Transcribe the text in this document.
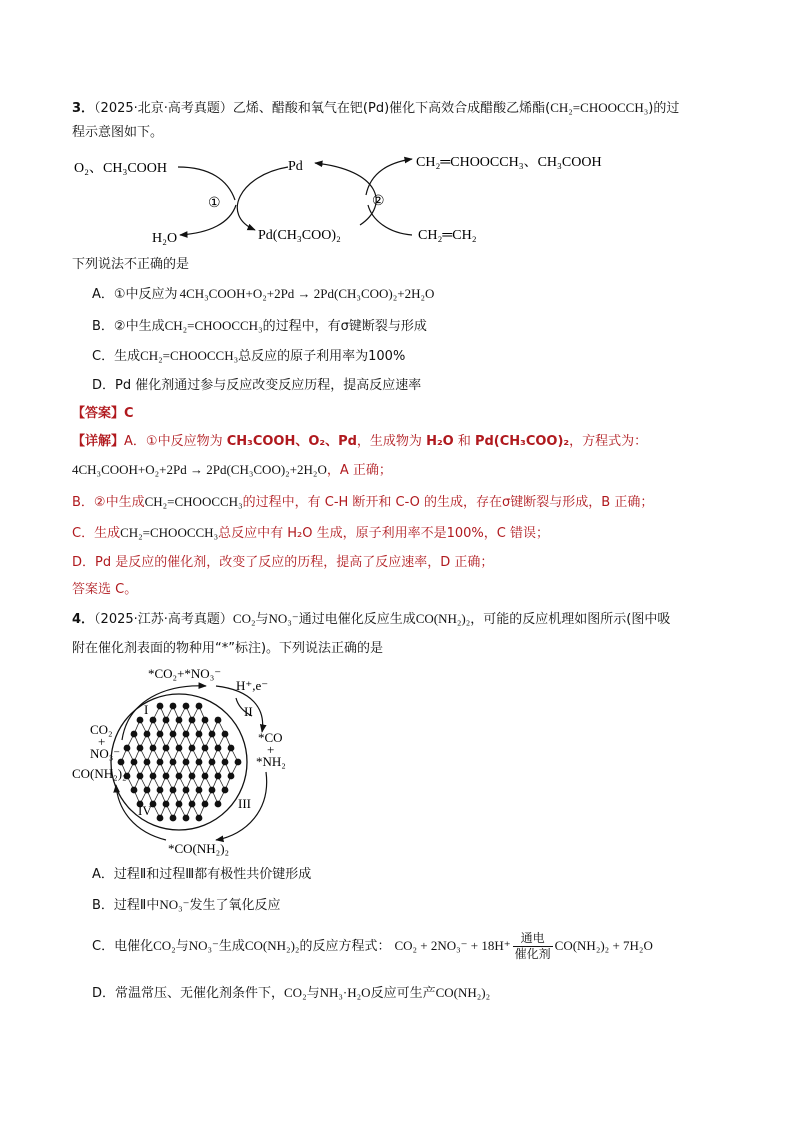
3．（2025·北京·高考真题）乙烯、醋酸和氧气在钯(Pd)催化下高效合成醋酸乙烯酯(CH₂=CHOOCCH₃)的过
程示意图如下。
O₂、CH₃COOH	Pd	CH₂═CHOOCCH₃、CH₃COOH
①	②
H₂O	Pd(CH₃COO)₂	CH₂═CH₂
下列说法不正确的是
A．①中反应为 4CH₃COOH+O₂+2Pd → 2Pd(CH₃COO)₂+2H₂O
B．②中生成CH₂=CHOOCCH₃的过程中，有σ键断裂与形成
C．生成CH₂=CHOOCCH₃总反应的原子利用率为100%
D．Pd 催化剂通过参与反应改变反应历程，提高反应速率
【答案】C
【详解】A．①中反应物为 CH₃COOH、O₂、Pd，生成物为 H₂O 和 Pd(CH₃COO)₂，方程式为：
4CH₃COOH+O₂+2Pd → 2Pd(CH₃COO)₂+2H₂O，A 正确；
B．②中生成CH₂=CHOOCCH₃的过程中，有 C-H 断开和 C-O 的生成，存在σ键断裂与形成，B 正确；
C．生成CH₂=CHOOCCH₃总反应中有 H₂O 生成，原子利用率不是100%，C 错误；
D．Pd 是反应的催化剂，改变了反应的历程，提高了反应速率，D 正确；
答案选 C。
4．（2025·江苏·高考真题）CO₂与NO₃⁻通过电催化反应生成CO(NH₂)₂，可能的反应机理如图所示(图中吸
附在催化剂表面的物种用“*”标注)。下列说法正确的是
*CO₂+*NO₃⁻
H⁺,e⁻
I	II
III
IV
CO₂
+
NO₃⁻
CO(NH₂)₂
*CO
+
*NH₂
*CO(NH₂)₂
A．过程Ⅱ和过程Ⅲ都有极性共价键形成
B．过程Ⅱ中NO₃⁻发生了氧化反应
C．电催化CO₂与NO₃⁻生成CO(NH₂)₂的反应方程式： $CO_2 + 2NO_3^- + 18H^+ \frac{\text{通电}}{\text{催化剂}} CO(NH_2)_2 + 7H_2O$
D．常温常压、无催化剂条件下，CO₂与NH₃·H₂O反应可生产CO(NH₂)₂
